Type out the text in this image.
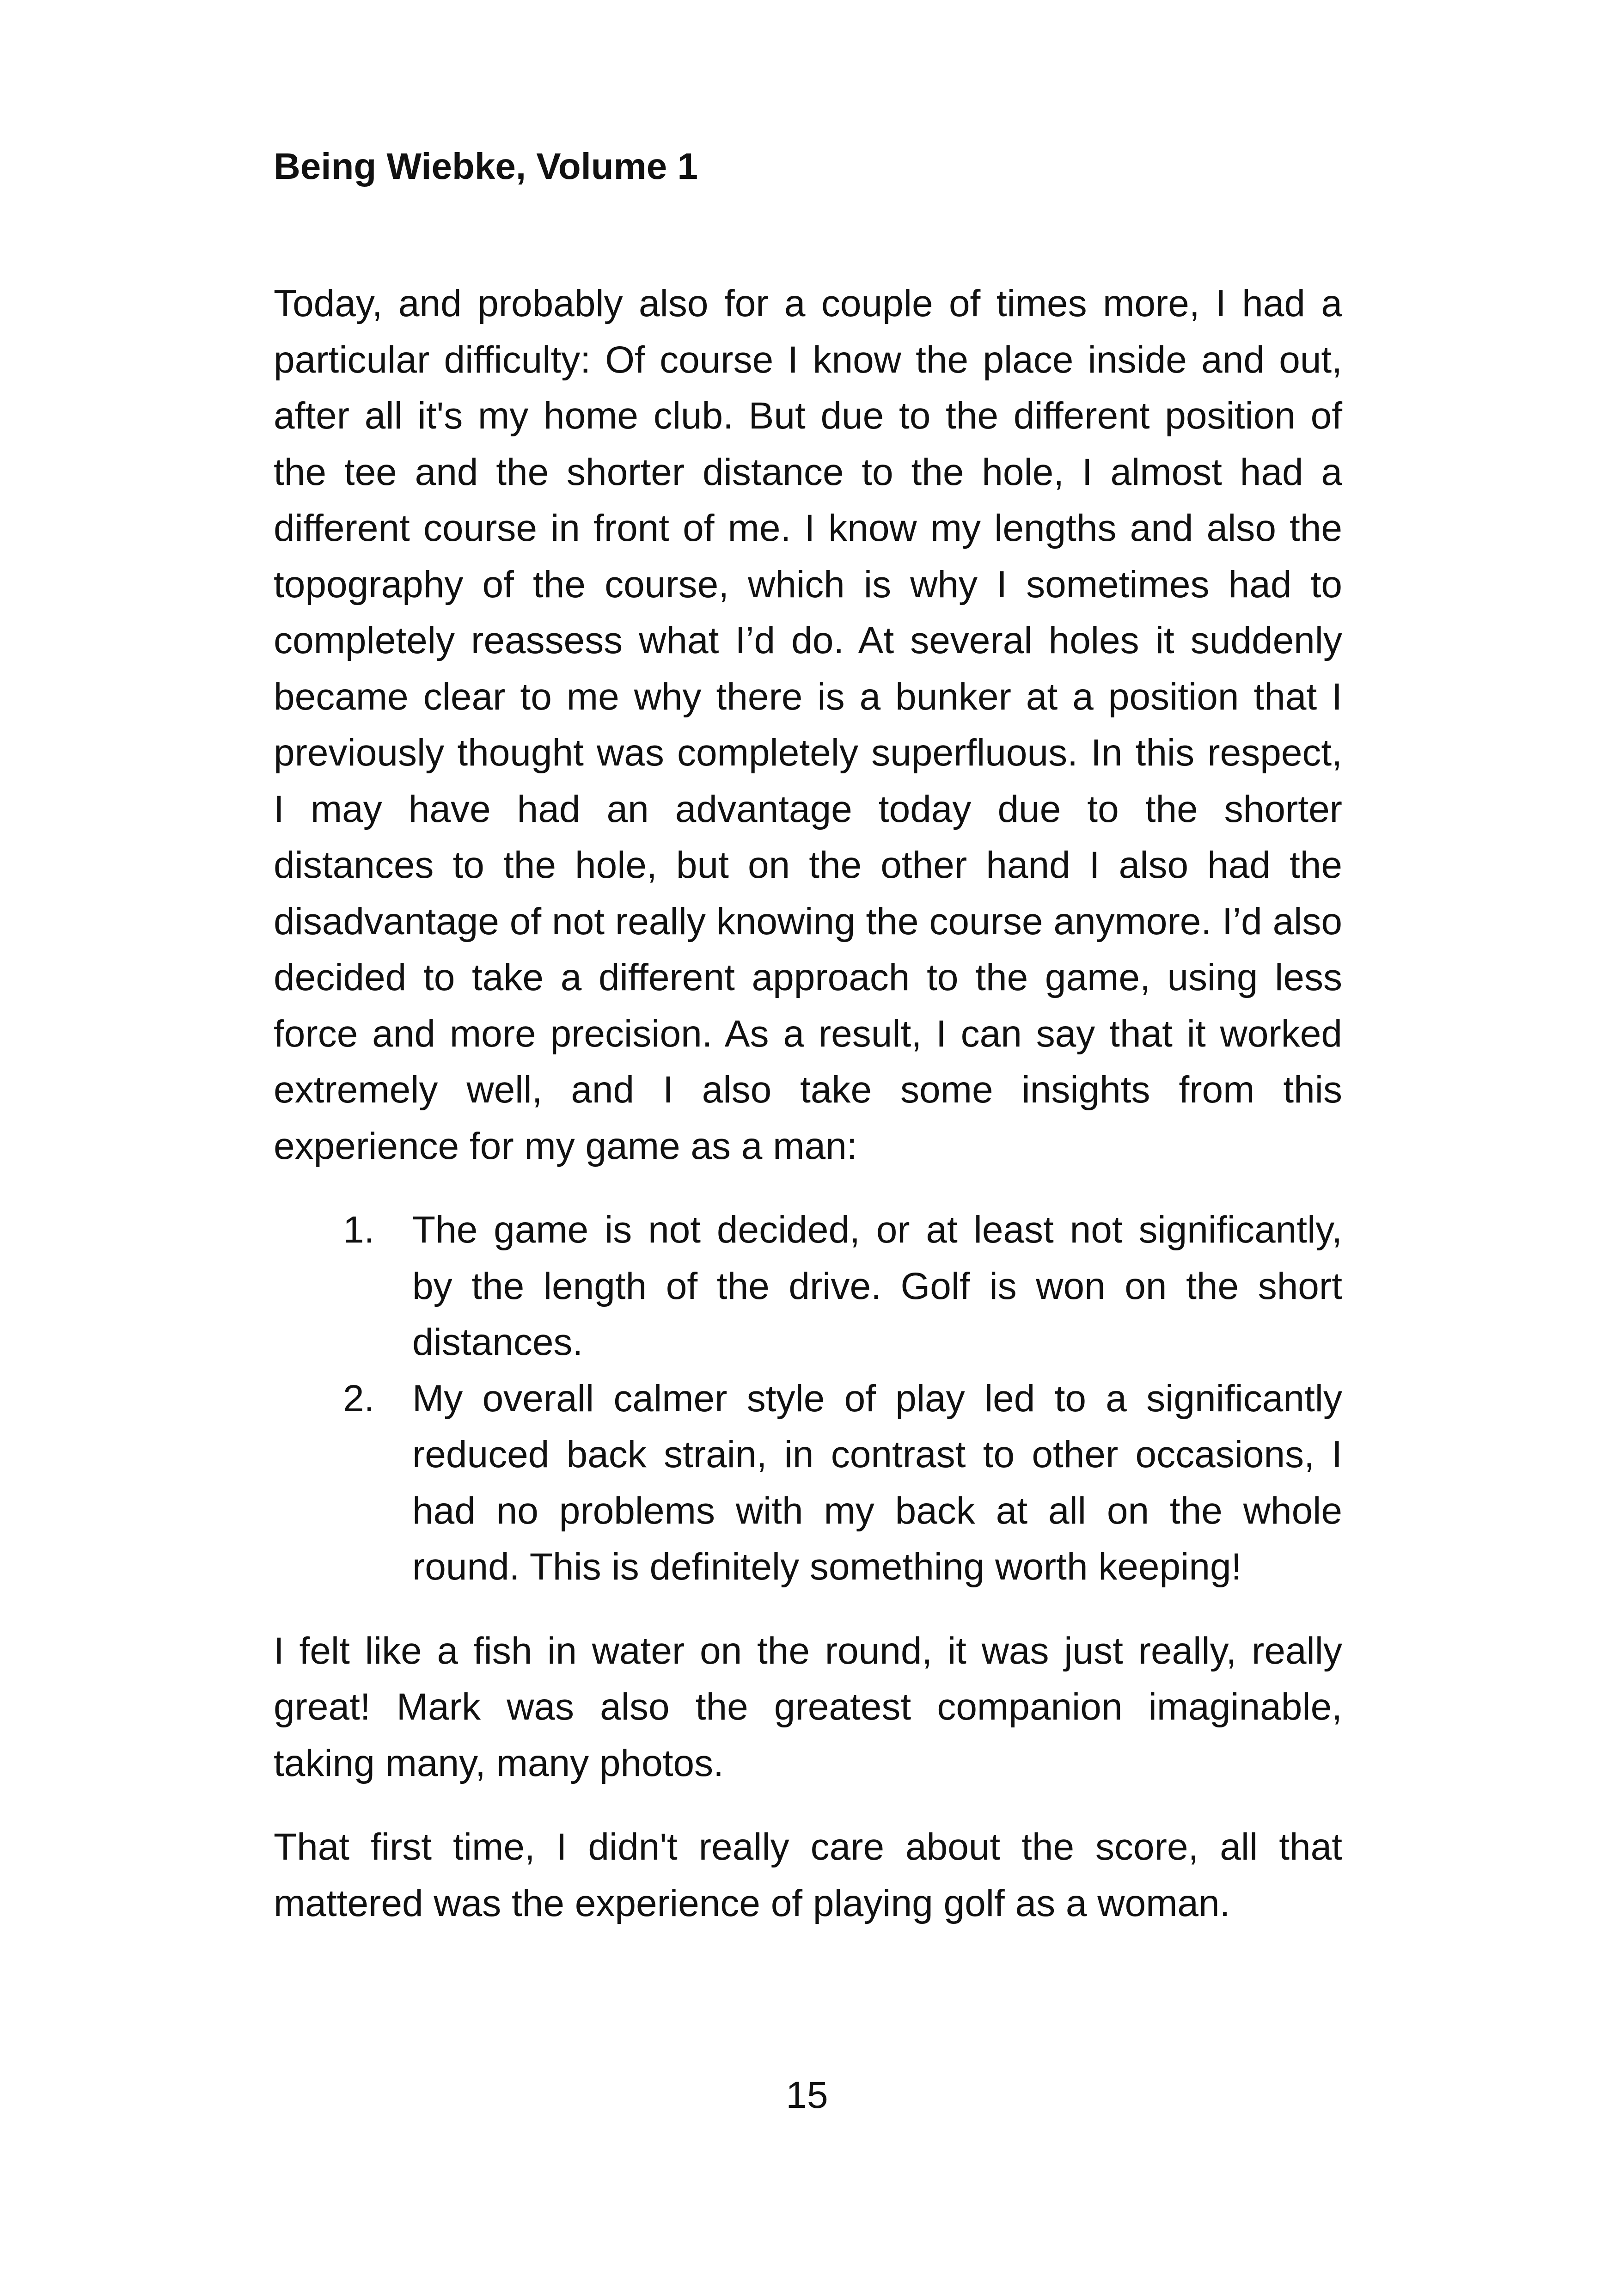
Being Wiebke, Volume 1

Today, and probably also for a couple of times more, I had a particular difficulty: Of course I know the place inside and out, after all it's my home club. But due to the different position of the tee and the shorter distance to the hole, I almost had a different course in front of me. I know my lengths and also the topography of the course, which is why I sometimes had to completely reassess what I’d do. At several holes it suddenly became clear to me why there is a bunker at a position that I previously thought was completely superfluous. In this respect, I may have had an advantage today due to the shorter distances to the hole, but on the other hand I also had the disadvantage of not really knowing the course anymore. I’d also decided to take a different approach to the game, using less force and more precision. As a result, I can say that it worked extremely well, and I also take some insights from this experience for my game as a man:

1. The game is not decided, or at least not significantly, by the length of the drive. Golf is won on the short distances.
2. My overall calmer style of play led to a significantly reduced back strain, in contrast to other occasions, I had no problems with my back at all on the whole round. This is definitely something worth keeping!

I felt like a fish in water on the round, it was just really, really great! Mark was also the greatest companion imaginable, taking many, many photos.

That first time, I didn't really care about the score, all that mattered was the experience of playing golf as a woman.

15
